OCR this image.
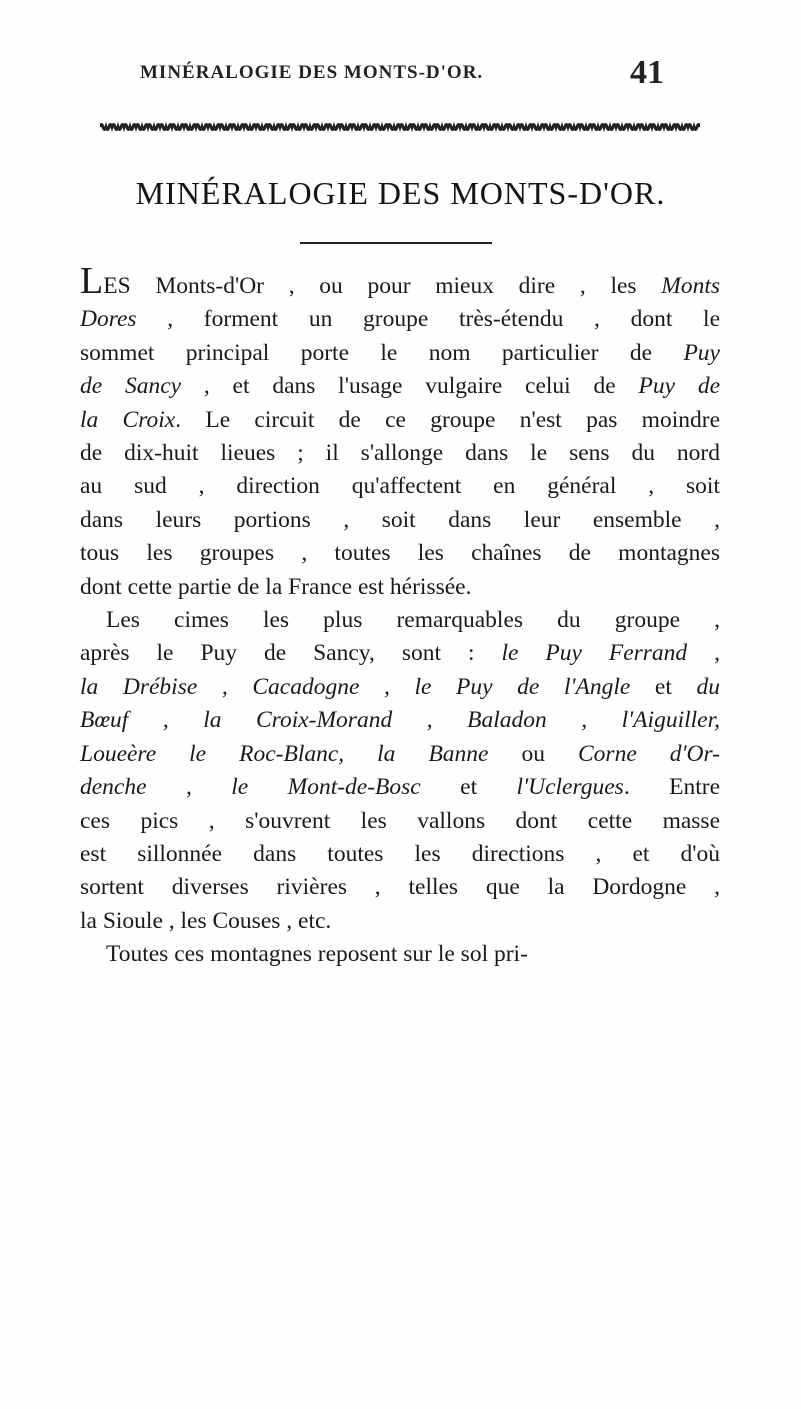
MINÉRALOGIE DES MONTS-D'OR.	41
MINÉRALOGIE DES MONTS-D'OR.

LES Monts-d'Or , ou pour mieux dire , les Monts

Dores , forment un groupe très-étendu , dont le

sommet principal porte le nom particulier de Puy

de Sancy , et dans l'usage vulgaire celui de Puy de

la Croix. Le circuit de ce groupe n'est pas moindre

de dix-huit lieues ; il s'allonge dans le sens du nord

au sud , direction qu'affectent en général , soit

dans leurs portions , soit dans leur ensemble ,

tous les groupes , toutes les chaînes de montagnes

dont cette partie de la France est hérissée.

Les cimes les plus remarquables du groupe ,

après le Puy de Sancy, sont : le Puy Ferrand ,

la Drébise , Cacadogne , le Puy de l'Angle et du

Bœuf , la Croix-Morand , Baladon , l'Aiguiller,

Loueère le Roc-Blanc, la Banne ou Corne d'Or-

denche , le Mont-de-Bosc et l'Uclergues. Entre

ces pics , s'ouvrent les vallons dont cette masse

est sillonnée dans toutes les directions , et d'où

sortent diverses rivières , telles que la Dordogne ,

la Sioule , les Couses , etc.

Toutes ces montagnes reposent sur le sol pri-
